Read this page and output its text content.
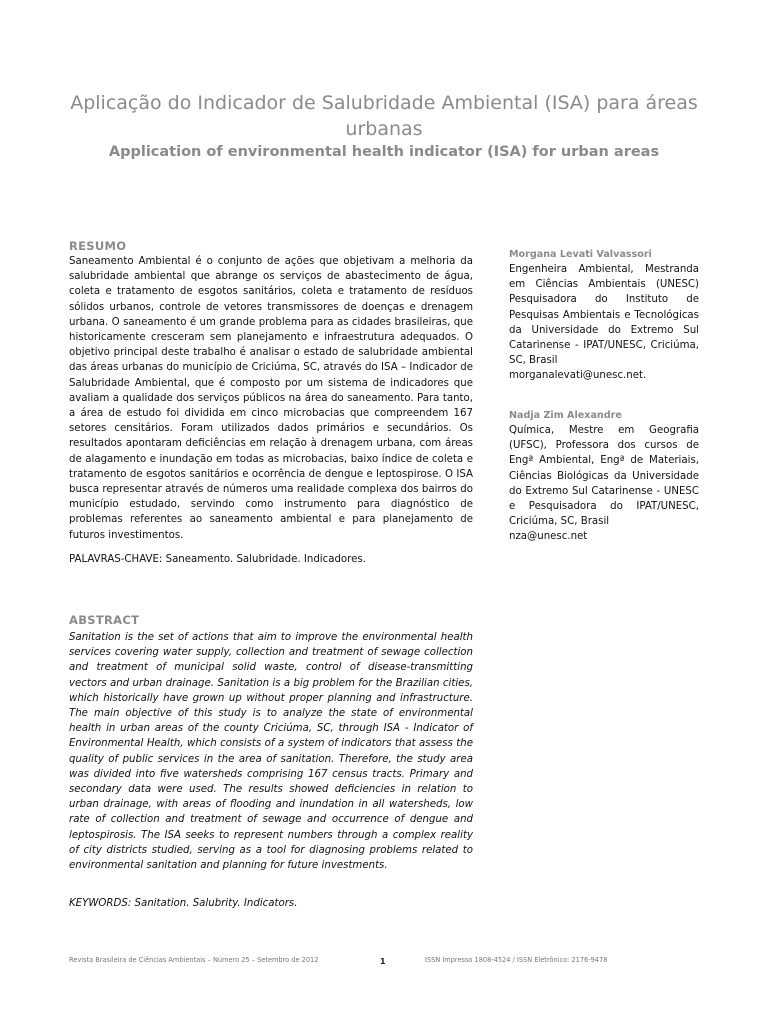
Aplicação do Indicador de Salubridade Ambiental (ISA) para áreas urbanas
Application of environmental health indicator (ISA) for urban areas
RESUMO

Saneamento Ambiental é o conjunto de ações que objetivam a melhoria da salubridade ambiental que abrange os serviços de abastecimento de água, coleta e tratamento de esgotos sanitários, coleta e tratamento de resíduos sólidos urbanos, controle de vetores transmissores de doenças e drenagem urbana. O saneamento é um grande problema para as cidades brasileiras, que historicamente cresceram sem planejamento e infraestrutura adequados. O objetivo principal deste trabalho é analisar o estado de salubridade ambiental das áreas urbanas do município de Criciúma, SC, através do ISA – Indicador de Salubridade Ambiental, que é composto por um sistema de indicadores que avaliam a qualidade dos serviços públicos na área do saneamento. Para tanto, a área de estudo foi dividida em cinco microbacias que compreendem 167 setores censitários. Foram utilizados dados primários e secundários. Os resultados apontaram deficiências em relação à drenagem urbana, com áreas de alagamento e inundação em todas as microbacias, baixo índice de coleta e tratamento de esgotos sanitários e ocorrência de dengue e leptospirose. O ISA busca representar através de números uma realidade complexa dos bairros do município estudado, servindo como instrumento para diagnóstico de problemas referentes ao saneamento ambiental e para planejamento de futuros investimentos.

PALAVRAS-CHAVE: Saneamento. Salubridade. Indicadores.

ABSTRACT

Sanitation is the set of actions that aim to improve the environmental health services covering water supply, collection and treatment of sewage collection and treatment of municipal solid waste, control of disease-transmitting vectors and urban drainage. Sanitation is a big problem for the Brazilian cities, which historically have grown up without proper planning and infrastructure. The main objective of this study is to analyze the state of environmental health in urban areas of the county Criciúma, SC, through ISA - Indicator of Environmental Health, which consists of a system of indicators that assess the quality of public services in the area of sanitation. Therefore, the study area was divided into five watersheds comprising 167 census tracts. Primary and secondary data were used. The results showed deficiencies in relation to urban drainage, with areas of flooding and inundation in all watersheds, low rate of collection and treatment of sewage and occurrence of dengue and leptospirosis. The ISA seeks to represent numbers through a complex reality of city districts studied, serving as a tool for diagnosing problems related to environmental sanitation and planning for future investments.

KEYWORDS: Sanitation. Salubrity. Indicators.

Morgana Levati Valvassori

Engenheira Ambiental, Mestranda em Ciências Ambientais (UNESC) Pesquisadora do Instituto de Pesquisas Ambientais e Tecnológicas da Universidade do Extremo Sul Catarinense - IPAT/UNESC, Criciúma, SC, Brasil

morganalevati@unesc.net.

Nadja Zim Alexandre

Química, Mestre em Geografia (UFSC), Professora dos cursos de Engª Ambiental, Engª de Materiais, Ciências Biológicas da Universidade do Extremo Sul Catarinense - UNESC e Pesquisadora do IPAT/UNESC, Criciúma, SC, Brasil

nza@unesc.net

Revista Brasileira de Ciências Ambientais – Número 25 – Setembro de 2012	1	ISSN Impresso 1808-4524 / ISSN Eletrônico: 2176-9478
